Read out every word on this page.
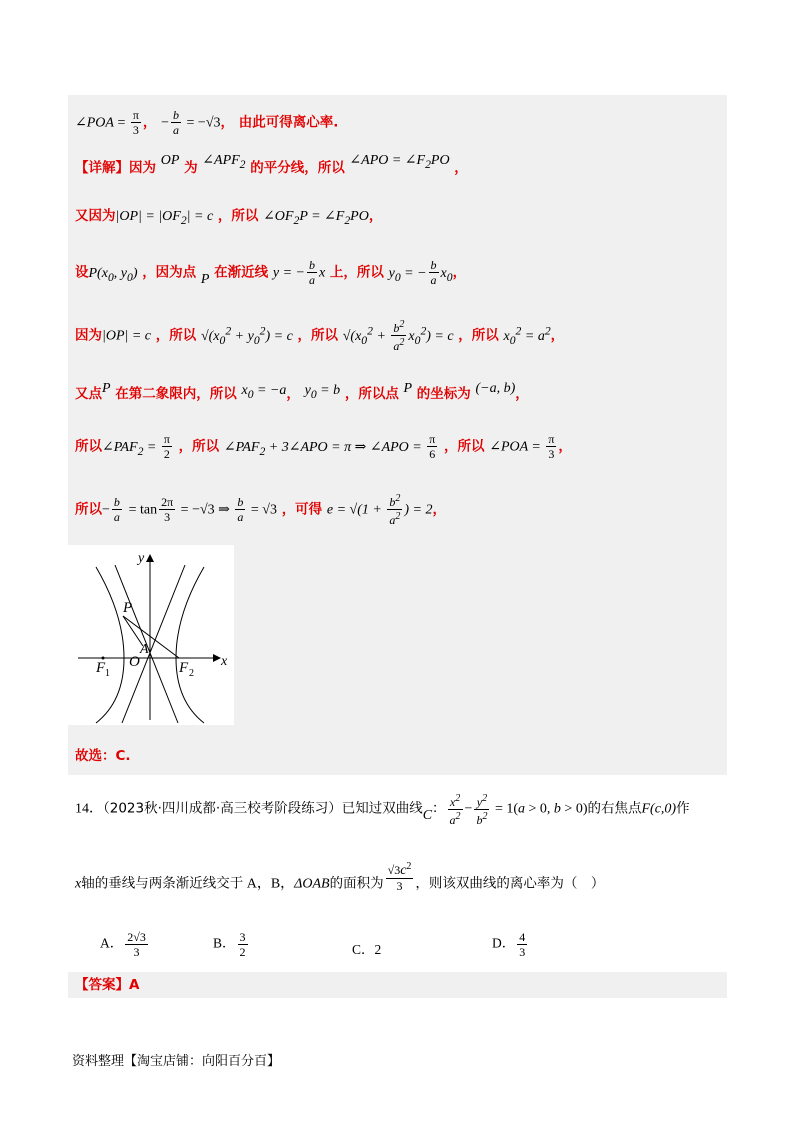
∠POA = $\frac{\pi}{3}$ ， − $\frac{b}{a} = -√3$， 由此可得离心率.
【详解】因为 OP 为 $\angle APF_2$ 的平分线，所以 ∠APO = $\angle F_2PO$ ，
又因为$|OP| = |OF_2| = c$ ，所以 $\angle OF_2P$ = $\angle F_2PO$，
设$P(x_0$, $y_0$) ，因为点 P 在渐近线 y = − $\frac{b}{a}$ x 上，所以 $y_0$ = − $\frac{b}{a} x_0$，
因为|OP| = c ，所以 $√(x_0^2 + y_0^2) = c$ ，所以 $√(x_0^2 + \frac{b^2}{a^2} x_0^2) = c$ ，所以 $x_0^2 = a^2$，
又点P 在第二象限内，所以 $x_0 = -a$， $y_0 = b$ ，所以点 P 的坐标为 (−a, b)，
所以$\angle PAF_2 = \frac{\pi}{2}$ ，所以 $\angle PAF_2$ + 3∠APO = π ⇒ ∠APO = $\frac{\pi}{6}$ ，所以 ∠POA = $\frac{\pi}{3}$ ，
所以− $\frac{b}{a} = \tan \frac{2\pi}{3} = -√3$ ⇒ $\frac{b}{a} = √3$ ，可得 $e = √(1 + \frac{b^2}{a^2}$ ) = 2，
x
y
P
A
O
F 1	F 2
故选：C.
14．（2023秋·四川成都·高三校考阶段练习）已知过双曲线C： $\frac{x^2}{a^2} - \frac{y^2}{b^2} = 1(a > 0$, b > 0)的右焦点F(c,0)作
x轴的垂线与两条渐近线交于 A，B，ΔOAB的面积为 $\frac{√3c^2}{3}$ ，则该双曲线的离心率为（　）
A． $\frac{2√3}{3}$	B． $\frac{3}{2}$	C．2	D． $\frac{4}{3}$
【答案】A
资料整理【淘宝店铺：向阳百分百】
